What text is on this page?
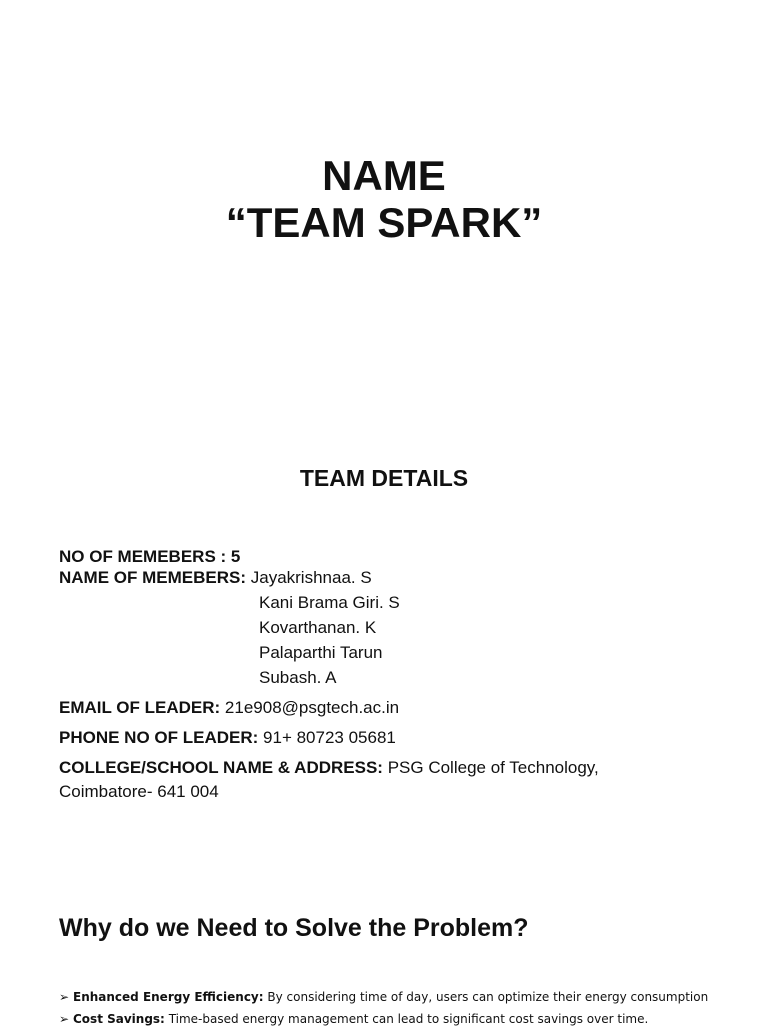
NAME
“TEAM SPARK”
TEAM DETAILS
NO OF MEMEBERS : 5
NAME OF MEMEBERS: Jayakrishnaa. S
Kani Brama Giri. S
Kovarthanan. K
Palaparthi Tarun
Subash. A
EMAIL OF LEADER: 21e908@psgtech.ac.in
PHONE NO OF LEADER: 91+ 80723 05681
COLLEGE/SCHOOL NAME & ADDRESS: PSG College of Technology,
Coimbatore- 641 004
Why do we Need to Solve the Problem?
➢ Enhanced Energy Efficiency: By considering time of day, users can optimize their energy consumption
➢ Cost Savings: Time-based energy management can lead to significant cost savings over time.
